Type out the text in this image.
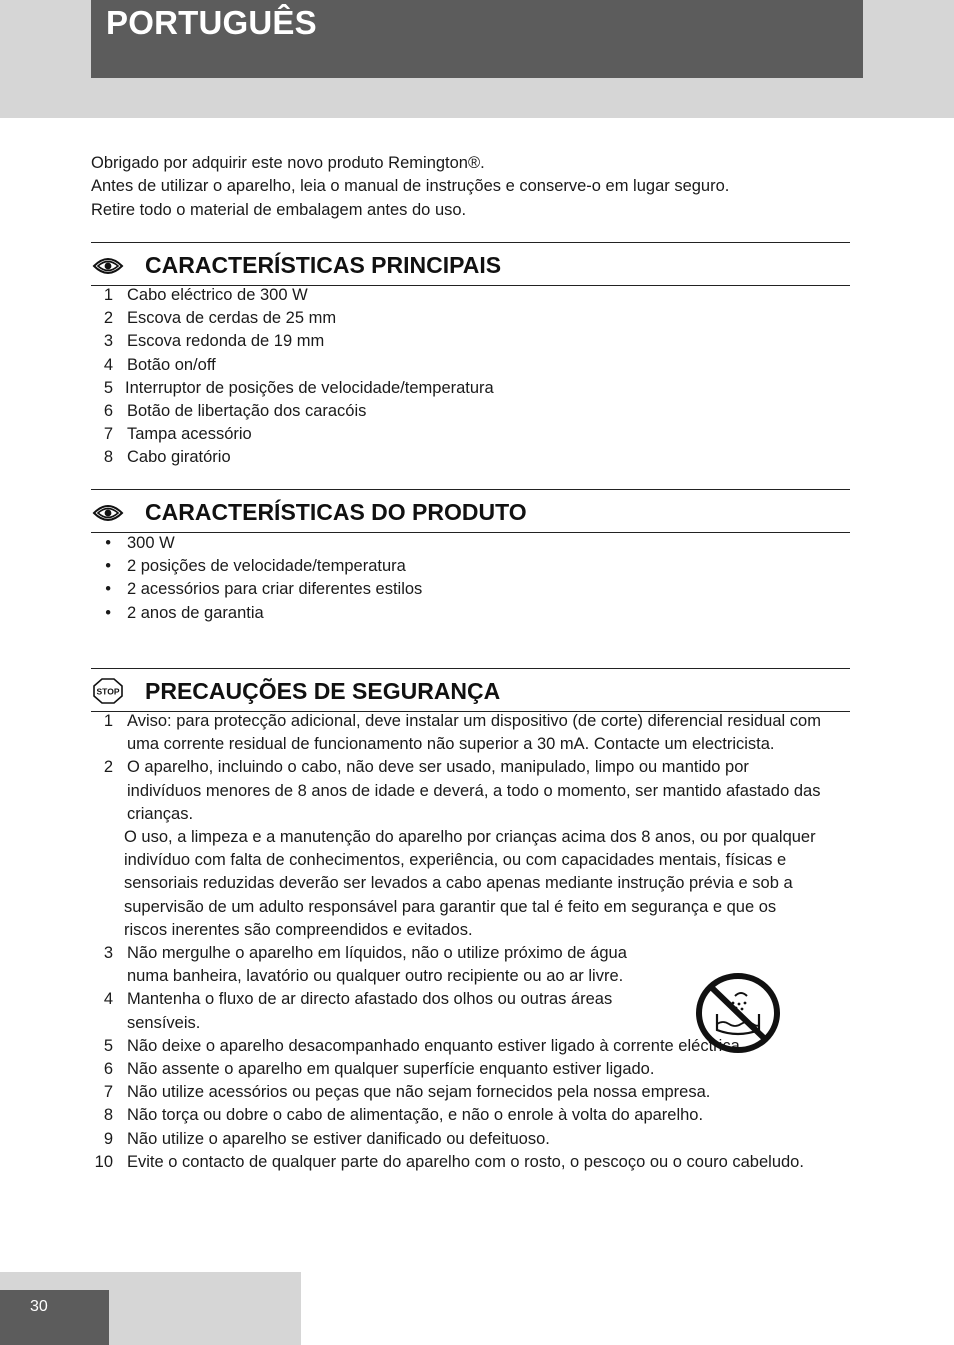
PORTUGUÊS
Obrigado por adquirir este novo produto Remington®.
Antes de utilizar o aparelho, leia o manual de instruções e conserve-o em lugar seguro.
Retire todo o material de embalagem antes do uso.
CARACTERÍSTICAS PRINCIPAIS
1 Cabo eléctrico de 300 W
2 Escova de cerdas de 25 mm
3 Escova redonda de 19 mm
4 Botão on/off
5 Interruptor de posições de velocidade/temperatura
6 Botão de libertação dos caracóis
7 Tampa acessório
8 Cabo giratório
CARACTERÍSTICAS DO PRODUTO
• 300 W
• 2 posições de velocidade/temperatura
• 2 acessórios para criar diferentes estilos
• 2 anos de garantia
STOP PRECAUÇÕES DE SEGURANÇA
1 Aviso: para protecção adicional, deve instalar um dispositivo (de corte) diferencial residual com uma corrente residual de funcionamento não superior a 30 mA. Contacte um electricista.
2 O aparelho, incluindo o cabo, não deve ser usado, manipulado, limpo ou mantido por indivíduos menores de 8 anos de idade e deverá, a todo o momento, ser mantido afastado das crianças.
O uso, a limpeza e a manutenção do aparelho por crianças acima dos 8 anos, ou por qualquer indivíduo com falta de conhecimentos, experiência, ou com capacidades mentais, físicas e sensoriais reduzidas deverão ser levados a cabo apenas mediante instrução prévia e sob a supervisão de um adulto responsável para garantir que tal é feito em segurança e que os riscos inerentes são compreendidos e evitados.
3 Não mergulhe o aparelho em líquidos, não o utilize próximo de água numa banheira, lavatório ou qualquer outro recipiente ou ao ar livre.
4 Mantenha o fluxo de ar directo afastado dos olhos ou outras áreas sensíveis.
5 Não deixe o aparelho desacompanhado enquanto estiver ligado à corrente eléctrica.
6 Não assente o aparelho em qualquer superfície enquanto estiver ligado.
7 Não utilize acessórios ou peças que não sejam fornecidos pela nossa empresa.
8 Não torça ou dobre o cabo de alimentação, e não o enrole à volta do aparelho.
9 Não utilize o aparelho se estiver danificado ou defeituoso.
10 Evite o contacto de qualquer parte do aparelho com o rosto, o pescoço ou o couro cabeludo.
30
